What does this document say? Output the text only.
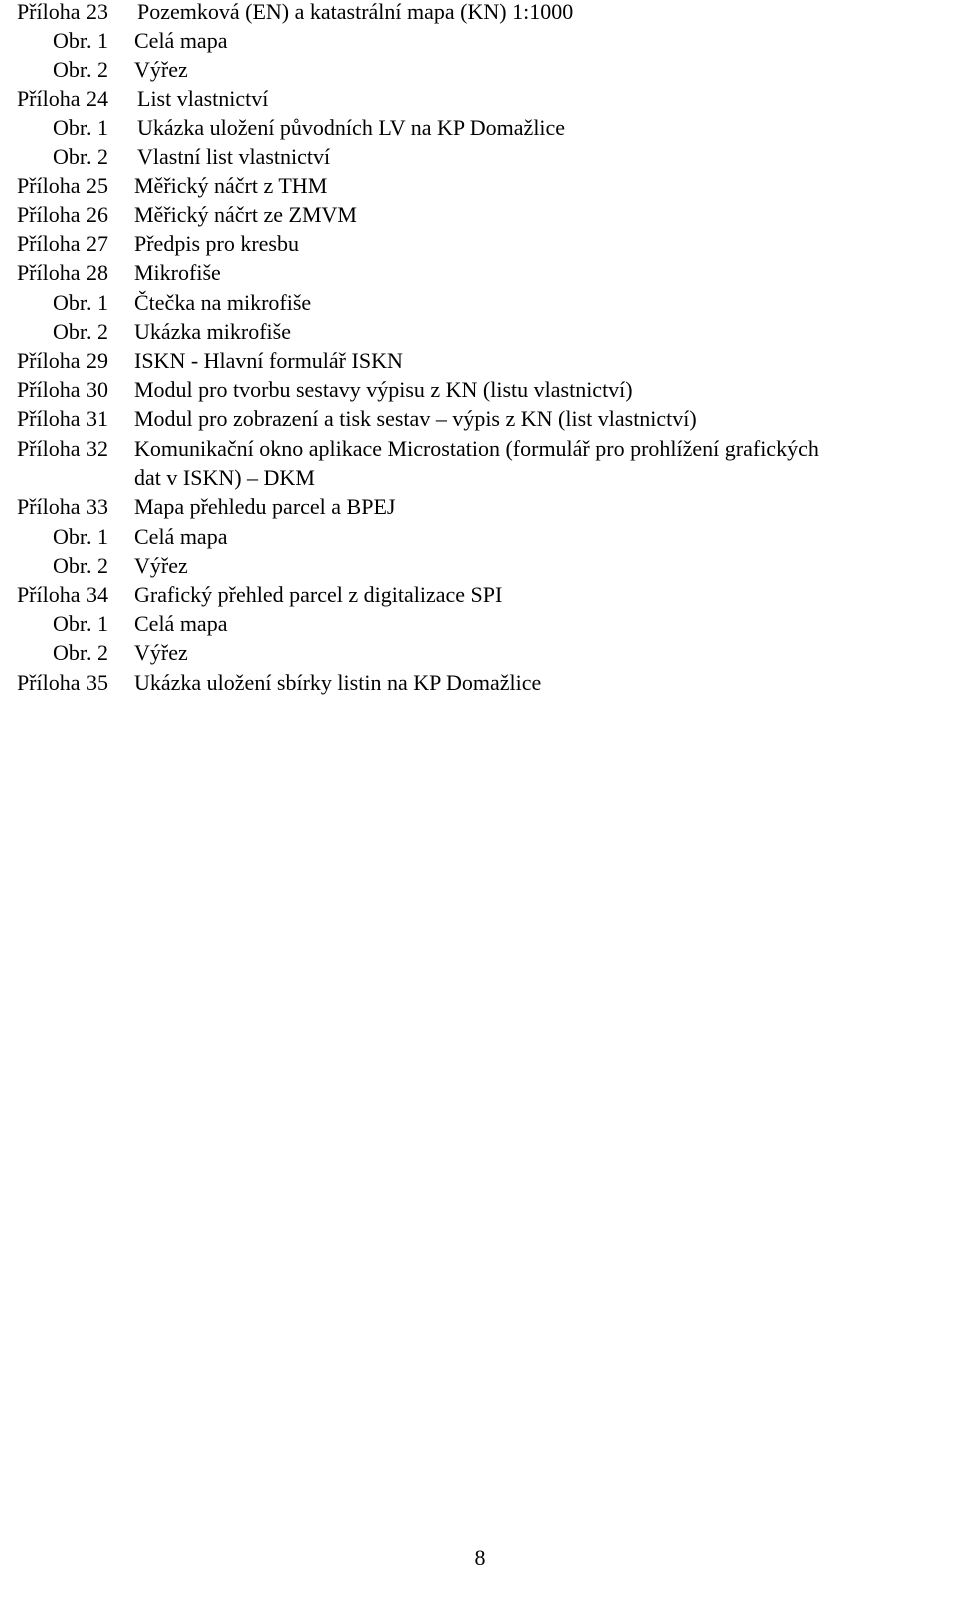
Příloha 23 Pozemková (EN) a katastrální mapa (KN) 1:1000
Obr. 1 Celá mapa
Obr. 2 Výřez
Příloha 24 List vlastnictví
Obr. 1 Ukázka uložení původních LV na KP Domažlice
Obr. 2 Vlastní list vlastnictví
Příloha 25 Měřický náčrt z THM
Příloha 26 Měřický náčrt ze ZMVM
Příloha 27 Předpis pro kresbu
Příloha 28 Mikrofiše
Obr. 1 Čtečka na mikrofiše
Obr. 2 Ukázka mikrofiše
Příloha 29 ISKN - Hlavní formulář ISKN
Příloha 30 Modul pro tvorbu sestavy výpisu z KN (listu vlastnictví)
Příloha 31 Modul pro zobrazení a tisk sestav – výpis z KN (list vlastnictví)
Příloha 32 Komunikační okno aplikace Microstation (formulář pro prohlížení grafických
dat v ISKN) – DKM
Příloha 33 Mapa přehledu parcel a BPEJ
Obr. 1 Celá mapa
Obr. 2 Výřez
Příloha 34 Grafický přehled parcel z digitalizace SPI
Obr. 1 Celá mapa
Obr. 2 Výřez
Příloha 35 Ukázka uložení sbírky listin na KP Domažlice
8
